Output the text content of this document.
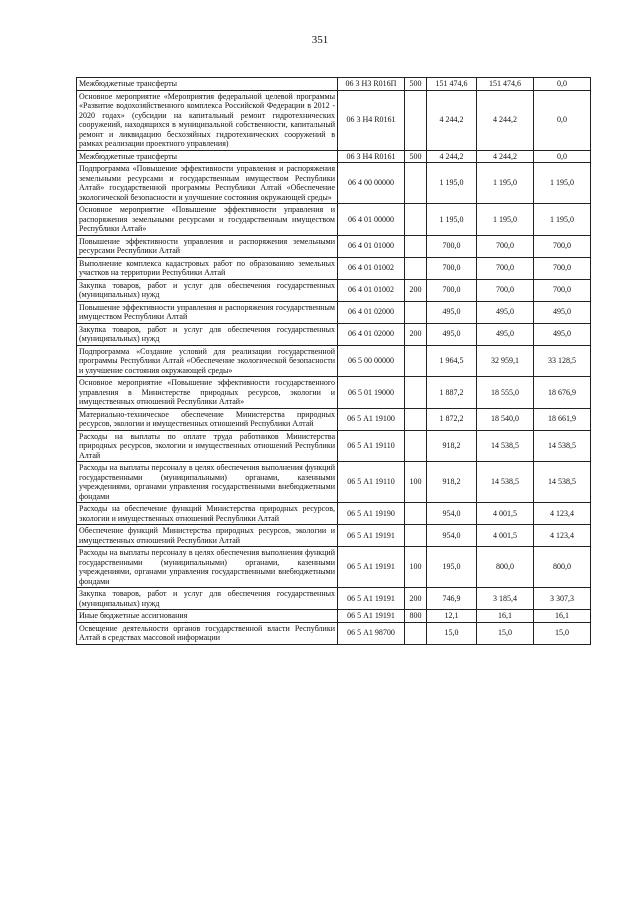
351
Межбюджетные трансферты	06 3 Н3 R016П	500	151 474,6	151 474,6	0,0
Основное мероприятие «Мероприятия федеральной целевой программы «Развитие водохозяйственного комплекса Российской Федерации в 2012 - 2020 годах» (субсидии на капитальный ремонт гидротехнических сооружений, находящихся в муниципальной собственности, капитальный ремонт и ликвидацию бесхозяйных гидротехнических сооружений в рамках реализации проектного управления)	06 3 Н4 R0161		4 244,2	4 244,2	0,0
Межбюджетные трансферты	06 3 Н4 R0161	500	4 244,2	4 244,2	0,0
Подпрограмма «Повышение эффективности управления и распоряжения земельными ресурсами и государственным имуществом Республики Алтай» государственной программы Республики Алтай «Обеспечение экологической безопасности и улучшение состояния окружающей среды»	06 4 00 00000		1 195,0	1 195,0	1 195,0
Основное мероприятие «Повышение эффективности управления и распоряжения земельными ресурсами и государственным имуществом Республики Алтай»	06 4 01 00000		1 195,0	1 195,0	1 195,0
Повышение эффективности управления и распоряжения земельными ресурсами Республики Алтай	06 4 01 01000		700,0	700,0	700,0
Выполнение комплекса кадастровых работ по образованию земельных участков на территории Республики Алтай	06 4 01 01002		700,0	700,0	700,0
Закупка товаров, работ и услуг для обеспечения государственных (муниципальных) нужд	06 4 01 01002	200	700,0	700,0	700,0
Повышение эффективности управления и распоряжения государственным имуществом Республики Алтай	06 4 01 02000		495,0	495,0	495,0
Закупка товаров, работ и услуг для обеспечения государственных (муниципальных) нужд	06 4 01 02000	200	495,0	495,0	495,0
Подпрограмма «Создание условий для реализации государственной программы Республики Алтай «Обеспечение экологической безопасности и улучшение состояния окружающей среды»	06 5 00 00000		1 964,5	32 959,1	33 128,5
Основное мероприятие «Повышение эффективности государственного управления в Министерстве природных ресурсов, экологии и имущественных отношений Республики Алтай»	06 5 01 19000		1 887,2	18 555,0	18 676,9
Материально-техническое обеспечение Министерства природных ресурсов, экологии и имущественных отношений Республики Алтай	06 5 А1 19100		1 872,2	18 540,0	18 661,9
Расходы на выплаты по оплате труда работников Министерства природных ресурсов, экологии и имущественных отношений Республики Алтай	06 5 А1 19110		918,2	14 538,5	14 538,5
Расходы на выплаты персоналу в целях обеспечения выполнения функций государственными (муниципальными) органами, казенными учреждениями, органами управления государственными внебюджетными фондами	06 5 А1 19110	100	918,2	14 538,5	14 538,5
Расходы на обеспечение функций Министерства природных ресурсов, экологии и имущественных отношений Республики Алтай	06 5 А1 19190		954,0	4 001,5	4 123,4
Обеспечение функций Министерства природных ресурсов, экологии и имущественных отношений Республики Алтай	06 5 А1 19191		954,0	4 001,5	4 123,4
Расходы на выплаты персоналу в целях обеспечения выполнения функций государственными (муниципальными) органами, казенными учреждениями, органами управления государственными внебюджетными фондами	06 5 А1 19191	100	195,0	800,0	800,0
Закупка товаров, работ и услуг для обеспечения государственных (муниципальных) нужд	06 5 А1 19191	200	746,9	3 185,4	3 307,3
Иные бюджетные ассигнования	06 5 А1 19191	800	12,1	16,1	16,1
Освещение деятельности органов государственной власти Республики Алтай в средствах массовой информации	06 5 А1 98700		15,0	15,0	15,0
